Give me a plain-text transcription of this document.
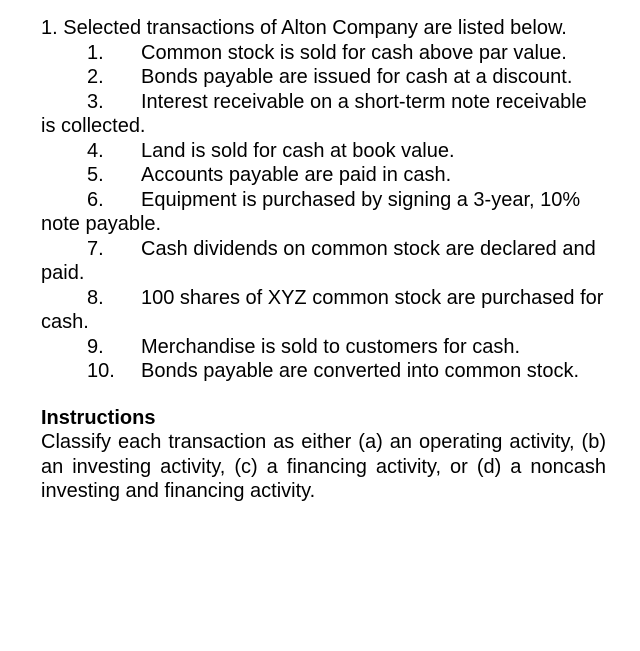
1. Selected transactions of Alton Company are listed below.

1. Common stock is sold for cash above par value.

2. Bonds payable are issued for cash at a discount.

3. Interest receivable on a short-term note receivable is collected.

4. Land is sold for cash at book value.

5. Accounts payable are paid in cash.

6. Equipment is purchased by signing a 3-year, 10% note payable.

7. Cash dividends on common stock are declared and paid.

8. 100 shares of XYZ common stock are purchased for cash.

9. Merchandise is sold to customers for cash.

10. Bonds payable are converted into common stock.

Instructions

Classify each transaction as either (a) an operating activity, (b) an investing activity, (c) a financing activity, or (d) a noncash investing and financing activity.
